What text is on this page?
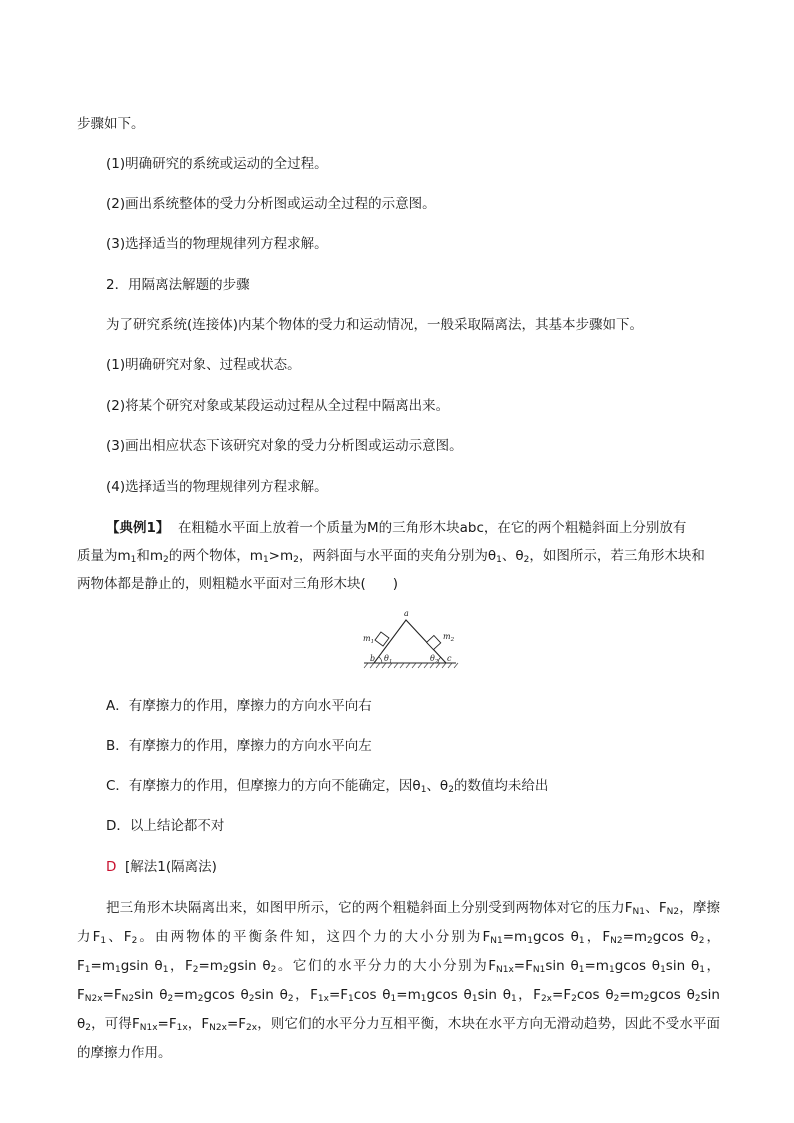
步骤如下。
(1)明确研究的系统或运动的全过程。
(2)画出系统整体的受力分析图或运动全过程的示意图。
(3)选择适当的物理规律列方程求解。
2．用隔离法解题的步骤
为了研究系统(连接体)内某个物体的受力和运动情况，一般采取隔离法，其基本步骤如下。
(1)明确研究对象、过程或状态。
(2)将某个研究对象或某段运动过程从全过程中隔离出来。
(3)画出相应状态下该研究对象的受力分析图或运动示意图。
(4)选择适当的物理规律列方程求解。
【典例1】 在粗糙水平面上放着一个质量为M的三角形木块abc，在它的两个粗糙斜面上分别放有
质量为$m_1$和$m_2$的两个物体，$m_1>m_2$，两斜面与水平面的夹角分别为$\theta_1$、$\theta_2$，如图所示，若三角形木块和
两物体都是静止的，则粗糙水平面对三角形木块(　　)
a
b	c
$m_1$
$m_2$
$\theta_1$	$\theta_2$
A．有摩擦力的作用，摩擦力的方向水平向右
B．有摩擦力的作用，摩擦力的方向水平向左
C．有摩擦力的作用，但摩擦力的方向不能确定，因$\theta_1$、$\theta_2$的数值均未给出
D．以上结论都不对
D [解法1(隔离法)
把三角形木块隔离出来，如图甲所示，它的两个粗糙斜面上分别受到两物体对它的压力$F_{N1}$、$F_{N2}$，摩擦力$F_1$、$F_2$。由两物体的平衡条件知，这四个力的大小分别为$F_{N1}=m_1gcos$ $\theta_1$，$F_{N2}=m_2gcos$ $\theta_2$，$F_1=m_1gsin$ $\theta_1$，$F_2=m_2gsin$ $\theta_2$。它们的水平分力的大小分别为$F_{N1x}=F_{N1}\sin$ $\theta_1=m_1gcos$ $\theta_1\sin$ $\theta_1$，$F_{N2x}=F_{N2}\sin$ $\theta_2=m_2gcos$ $\theta_2\sin$ $\theta_2$，$F_{1x}=F_1\cos$ $\theta_1=m_1gcos$ $\theta_1\sin$ $\theta_1$，$F_{2x}=F_2\cos$ $\theta_2=m_2gcos$ $\theta_2\sin$ $\theta_2$，可得$F_{N1x}=F_{1x}$，$F_{N2x}=F_{2x}$，则它们的水平分力互相平衡，木块在水平方向无滑动趋势，因此不受水平面的摩擦力作用。
